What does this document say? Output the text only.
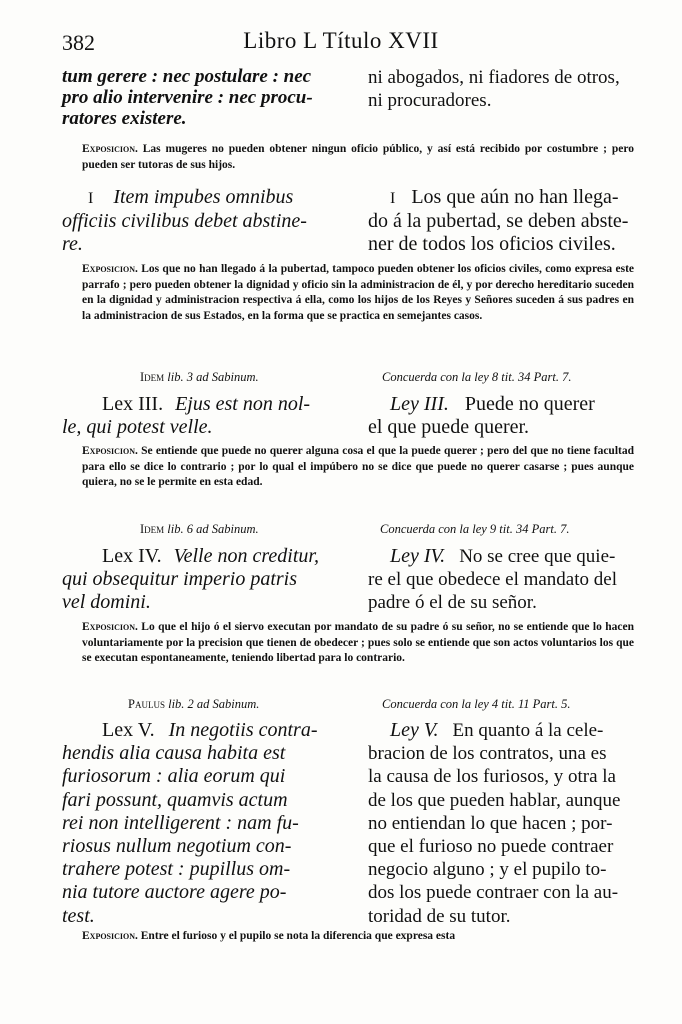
382	Libro L Título XVII
tum gerere : nec postulare : nec
pro alio intervenire : nec procu-
ratores existere.
ni abogados, ni fiadores de otros,
ni procuradores.
Exposicion. Las mugeres no pueden obtener ningun oficio público, y así está recibido por costumbre ; pero pueden ser tutoras de sus hijos.
I Item impubes omnibus
officiis civilibus debet abstine-
re.
I Los que aún no han llega-
do á la pubertad, se deben abste-
ner de todos los oficios civiles.
Exposicion. Los que no han llegado á la pubertad, tampoco pueden obtener los oficios civiles, como expresa este parrafo ; pero pueden obtener la dignidad y oficio sin la administracion de él, y por derecho hereditario suceden en la dignidad y administracion respectiva á ella, como los hijos de los Reyes y Señores suceden á sus padres en la administracion de sus Estados, en la forma que se practica en semejantes casos.
Idem lib. 3 ad Sabinum.	Concuerda con la ley 8 tit. 34 Part. 7.
Lex III. Ejus est non nol-
le, qui potest velle.
Ley III. Puede no querer
el que puede querer.
Exposicion. Se entiende que puede no querer alguna cosa el que la puede querer ; pero del que no tiene facultad para ello se dice lo contrario ; por lo qual el impúbero no se dice que puede no querer casarse ; pues aunque quiera, no se le permite en esta edad.
Idem lib. 6 ad Sabinum.	Concuerda con la ley 9 tit. 34 Part. 7.
Lex IV. Velle non creditur,
qui obsequitur imperio patris
vel domini.
Ley IV. No se cree que quie-
re el que obedece el mandato del
padre ó el de su señor.
Exposicion. Lo que el hijo ó el siervo executan por mandato de su padre ó su señor, no se entiende que lo hacen voluntariamente por la precision que tienen de obedecer ; pues solo se entiende que son actos voluntarios los que se executan espontaneamente, teniendo libertad para lo contrario.
Paulus lib. 2 ad Sabinum.	Concuerda con la ley 4 tit. 11 Part. 5.
Lex V. In negotiis contra-
hendis alia causa habita est
furiosorum : alia eorum qui
fari possunt, quamvis actum
rei non intelligerent : nam fu-
riosus nullum negotium con-
trahere potest : pupillus om-
nia tutore auctore agere po-
test.
Ley V. En quanto á la cele-
bracion de los contratos, una es
la causa de los furiosos, y otra la
de los que pueden hablar, aunque
no entiendan lo que hacen ; por-
que el furioso no puede contraer
negocio alguno ; y el pupilo to-
dos los puede contraer con la au-
toridad de su tutor.
Exposicion. Entre el furioso y el pupilo se nota la diferencia que expresa esta
